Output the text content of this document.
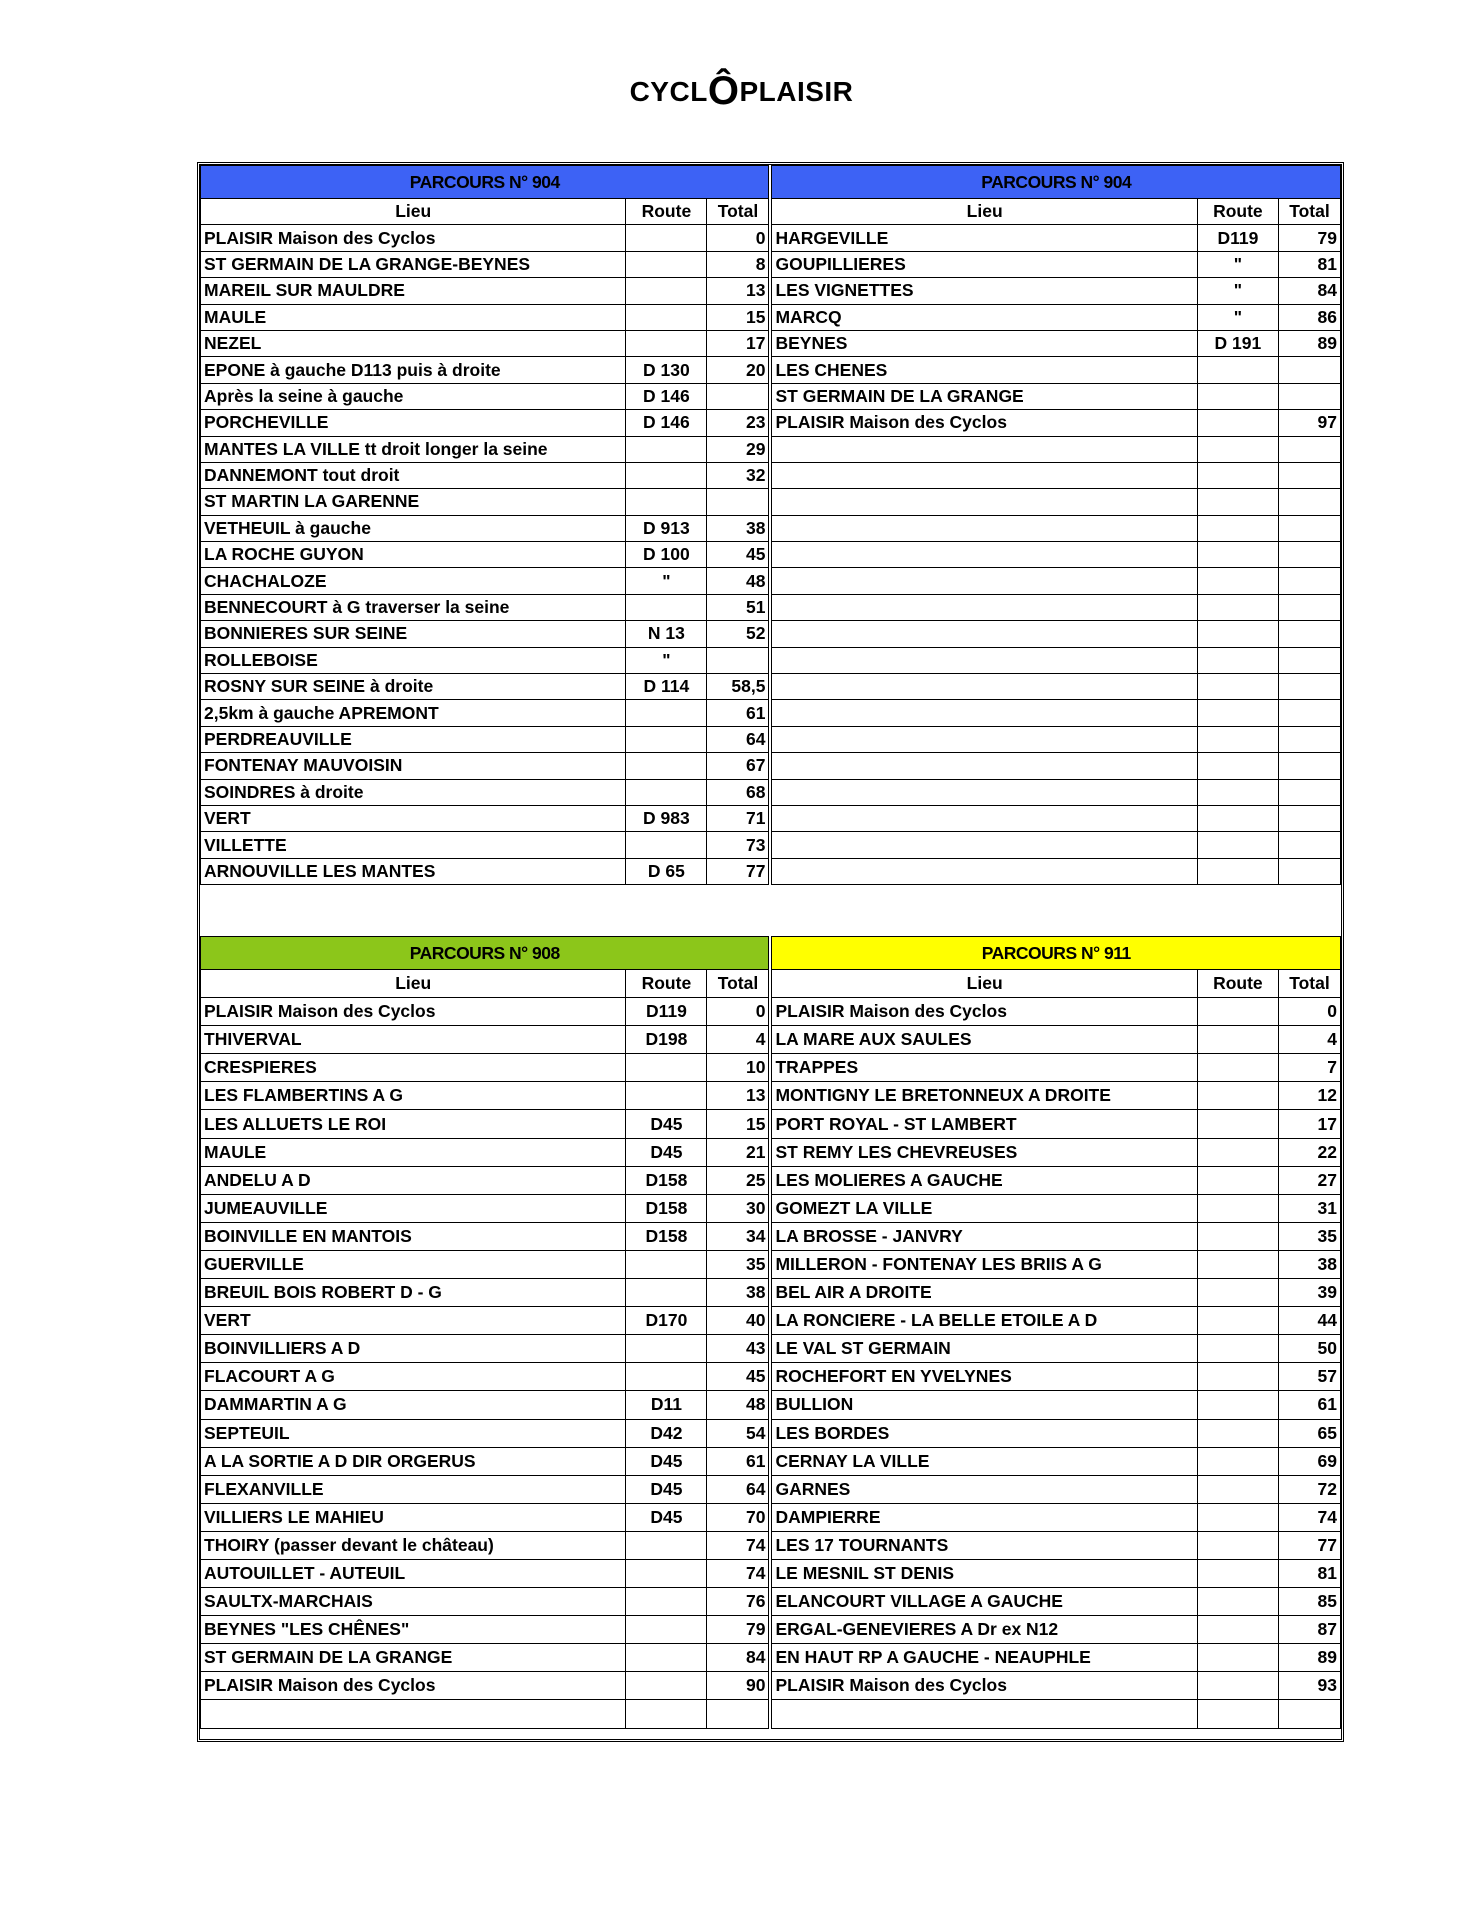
CYCLÔPLAISIR
PARCOURS N° 904				PARCOURS N° 904		
Lieu	Route	Total		Lieu	Route	Total
PLAISIR Maison des Cyclos		0		HARGEVILLE	D119	79
ST GERMAIN DE LA GRANGE-BEYNES		8		GOUPILLIERES	"	81
MAREIL SUR MAULDRE		13		LES VIGNETTES	"	84
MAULE		15		MARCQ	"	86
NEZEL		17		BEYNES	D 191	89
EPONE à gauche D113 puis à droite	D 130	20		LES CHENES		
Après la seine à gauche	D 146			ST GERMAIN DE LA GRANGE		
PORCHEVILLE	D 146	23		PLAISIR Maison des Cyclos		97
MANTES LA VILLE tt droit longer la seine		29				
DANNEMONT tout droit		32				
ST MARTIN LA GARENNE						
VETHEUIL à gauche	D 913	38				
LA ROCHE GUYON	D 100	45				
CHACHALOZE	"	48				
BENNECOURT à G traverser la seine		51				
BONNIERES SUR SEINE	N 13	52				
ROLLEBOISE	"					
ROSNY SUR SEINE à droite	D 114	58,5				
2,5km à gauche APREMONT		61				
PERDREAUVILLE		64				
FONTENAY MAUVOISIN		67				
SOINDRES à droite		68				
VERT	D 983	71				
VILLETTE		73				
ARNOUVILLE LES MANTES	D 65	77				
PARCOURS N° 908				PARCOURS N° 911		
Lieu	Route	Total		Lieu	Route	Total
PLAISIR Maison des Cyclos	D119	0		PLAISIR Maison des Cyclos		0
THIVERVAL	D198	4		LA MARE AUX SAULES		4
CRESPIERES		10		TRAPPES		7
LES FLAMBERTINS A G		13		MONTIGNY LE BRETONNEUX A DROITE		12
LES ALLUETS LE ROI	D45	15		PORT ROYAL - ST LAMBERT		17
MAULE	D45	21		ST REMY LES CHEVREUSES		22
ANDELU A D	D158	25		LES MOLIERES A GAUCHE		27
JUMEAUVILLE	D158	30		GOMEZT LA VILLE		31
BOINVILLE EN MANTOIS	D158	34		LA BROSSE - JANVRY		35
GUERVILLE		35		MILLERON - FONTENAY LES BRIIS A G		38
BREUIL BOIS ROBERT D - G		38		BEL AIR A DROITE		39
VERT	D170	40		LA RONCIERE - LA BELLE ETOILE A D		44
BOINVILLIERS A D		43		LE VAL ST GERMAIN		50
FLACOURT A G		45		ROCHEFORT EN YVELYNES		57
DAMMARTIN A G	D11	48		BULLION		61
SEPTEUIL	D42	54		LES BORDES		65
A LA SORTIE A D DIR ORGERUS	D45	61		CERNAY LA VILLE		69
FLEXANVILLE	D45	64		GARNES		72
VILLIERS LE MAHIEU	D45	70		DAMPIERRE		74
THOIRY (passer devant le château)		74		LES 17 TOURNANTS		77
AUTOUILLET - AUTEUIL		74		LE MESNIL ST DENIS		81
SAULTX-MARCHAIS		76		ELANCOURT VILLAGE A GAUCHE		85
BEYNES "LES CHÊNES"		79		ERGAL-GENEVIERES A Dr ex N12		87
ST GERMAIN DE LA GRANGE		84		EN HAUT RP A GAUCHE - NEAUPHLE		89
PLAISIR Maison des Cyclos		90		PLAISIR Maison des Cyclos		93
